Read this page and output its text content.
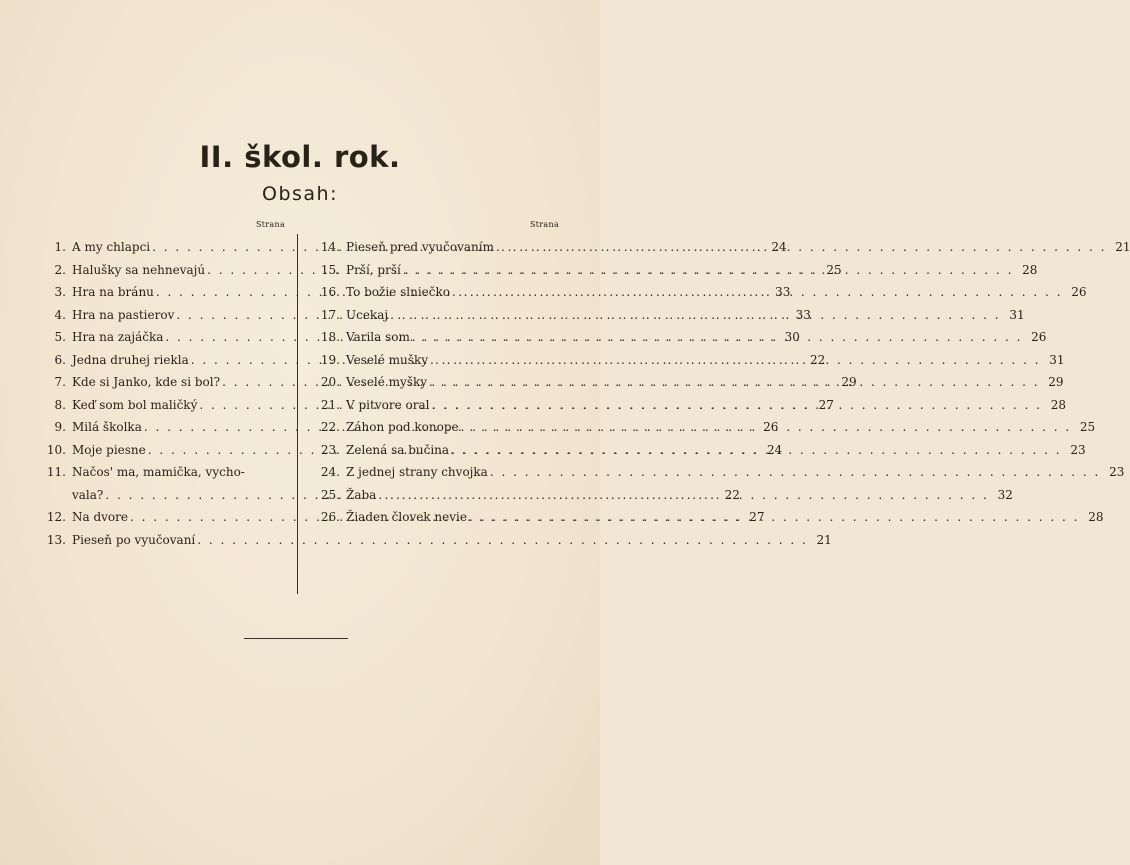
II. škol. rok.
Obsah:
Strana	Strana
1. A my chlapci . . .	24
2. Halušky sa nehnevajú . . .	25
3. Hra na bránu . . .	33
4. Hra na pastierov . . .	33
5. Hra na zajáčka . . .	30
6. Jedna druhej riekla . . .	22
7. Kde si Janko, kde si bol? . . .	29
8. Keď som bol maličký . . .	27
9. Milá školka . . .	26
10. Moje piesne . . .	24
11. Načos' ma, mamička, vycho-
vala? . . .	22
12. Na dvore . . .	27
13. Pieseň po vyučovaní . . .	21
14. Pieseň pred vyučovaním . . .	21
15. Prší, prší . . .	28
16. To božie slniečko . . .	26
17. Ucekaj . . .	31
18. Varila som . . .	26
19. Veselé mušky . . .	31
20. Veselé myšky . . .	29
21. V pitvore oral . . .	28
22. Záhon pod konope . . .	25
23. Zelená sa bučina . . .	23
24. Z jednej strany chvojka . . .	23
25. Žaba . . .	32
26. Žiaden človek nevie . . .	28
